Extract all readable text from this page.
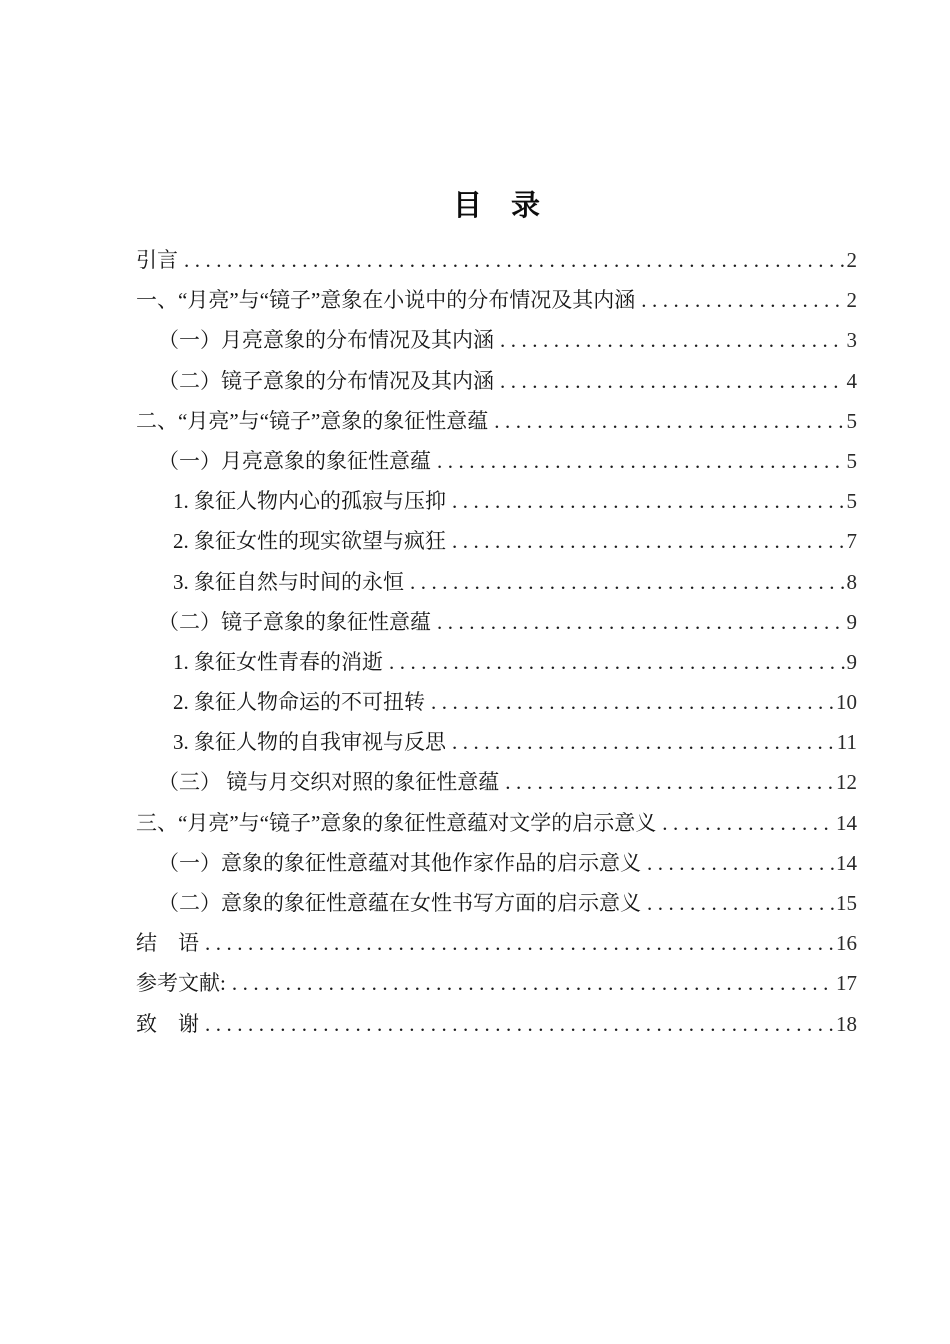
目　录
引言 .....	2
一、“月亮”与“镜子”意象在小说中的分布情况及其内涵 .....	2
（一）月亮意象的分布情况及其内涵 .....	3
（二）镜子意象的分布情况及其内涵 .....	4
二、“月亮”与“镜子”意象的象征性意蕴 .....	5
（一）月亮意象的象征性意蕴 .....	5
1. 象征人物内心的孤寂与压抑 .....	5
2. 象征女性的现实欲望与疯狂 .....	7
3. 象征自然与时间的永恒 .....	8
（二）镜子意象的象征性意蕴 .....	9
1. 象征女性青春的消逝 .....	9
2. 象征人物命运的不可扭转 .....	10
3. 象征人物的自我审视与反思 .....	11
（三） 镜与月交织对照的象征性意蕴 .....	12
三、“月亮”与“镜子”意象的象征性意蕴对文学的启示意义 .....	14
（一）意象的象征性意蕴对其他作家作品的启示意义 .....	14
（二）意象的象征性意蕴在女性书写方面的启示意义 .....	15
结　语 .....	16
参考文献: .....	17
致　谢 .....	18
